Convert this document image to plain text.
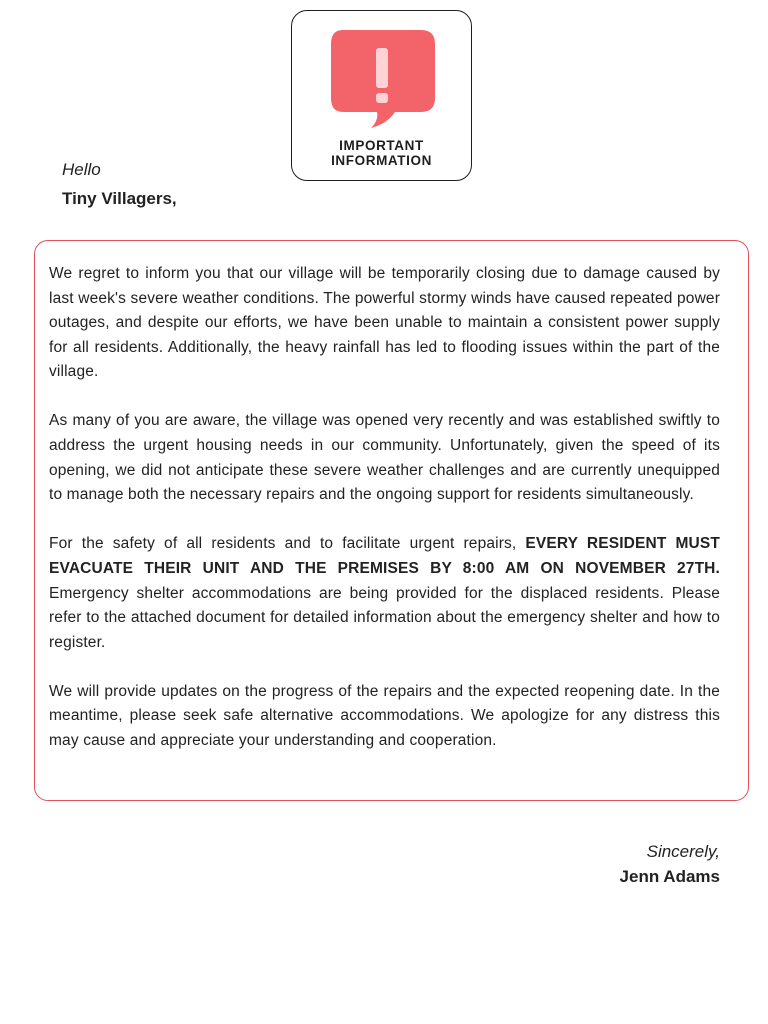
IMPORTANT
INFORMATION
Hello
Tiny Villagers,

We regret to inform you that our village will be temporarily closing due to damage caused by last week's severe weather conditions. The powerful stormy winds have caused repeated power outages, and despite our efforts, we have been unable to maintain a consistent power supply for all residents. Additionally, the heavy rainfall has led to flooding issues within the part of the village.

As many of you are aware, the village was opened very recently and was established swiftly to address the urgent housing needs in our community. Unfortunately, given the speed of its opening, we did not anticipate these severe weather challenges and are currently unequipped to manage both the necessary repairs and the ongoing support for residents simultaneously.

For the safety of all residents and to facilitate urgent repairs, EVERY RESIDENT MUST EVACUATE THEIR UNIT AND THE PREMISES BY 8:00 AM ON NOVEMBER 27TH. Emergency shelter accommodations are being provided for the displaced residents. Please refer to the attached document for detailed information about the emergency shelter and how to register.

We will provide updates on the progress of the repairs and the expected reopening date. In the meantime, please seek safe alternative accommodations. We apologize for any distress this may cause and appreciate your understanding and cooperation.

Sincerely,
Jenn Adams
